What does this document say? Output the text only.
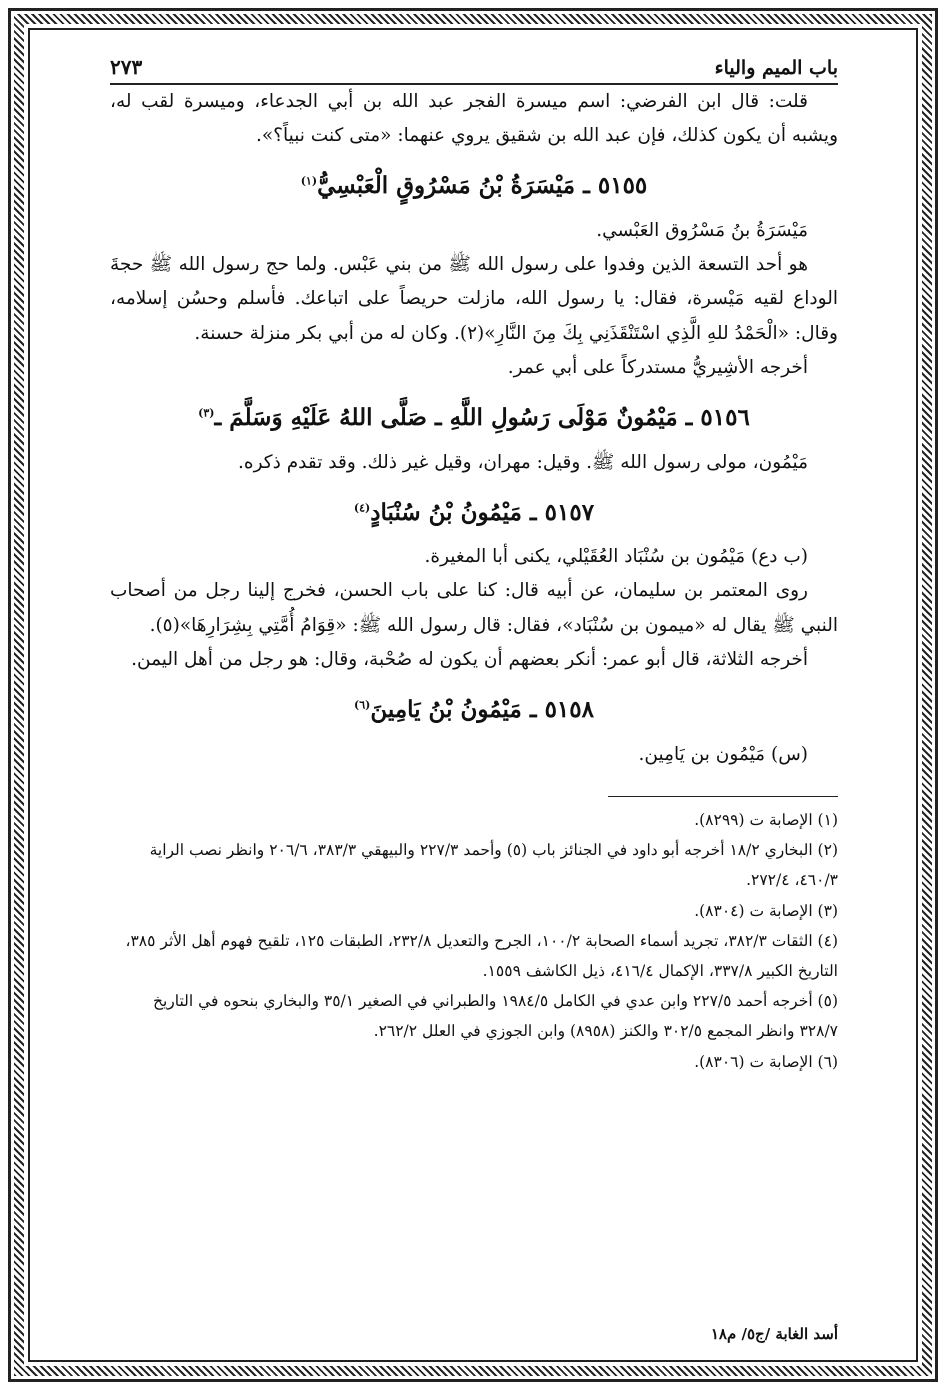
باب الميم والياء
٢٧٣

قلت: قال ابن الفرضي: اسم ميسرة الفجر عبد الله بن أبي الجدعاء، وميسرة لقب له، ويشبه أن يكون كذلك، فإن عبد الله بن شقيق يروي عنهما: «متى كنت نبياً؟».

٥١٥٥ ـ مَيْسَرَةُ بْنُ مَسْرُوقٍ الْعَبْسِيُّ$^{(١)}$

مَيْسَرَةُ بنُ مَسْرُوق العَبْسي.

هو أحد التسعة الذين وفدوا على رسول الله ﷺ من بني عَبْس. ولما حج رسول الله ﷺ حجةَ الوداع لقيه مَيْسرة، فقال: يا رسول الله، مازلت حريصاً على اتباعك. فأسلم وحسُن إسلامه، وقال: «الْحَمْدُ للهِ الَّذِي اسْتَنْقَذَنِي بِكَ مِنَ النَّارِ»(٢). وكان له من أبي بكر منزلة حسنة.

أخرجه الأشِيريُّ مستدركاً على أبي عمر.

٥١٥٦ ـ مَيْمُونٌ مَوْلَى رَسُولِ اللَّهِ ـ صَلَّى اللهُ عَلَيْهِ وَسَلَّمَ ـ$^{(٣)}$

مَيْمُون، مولى رسول الله ﷺ. وقيل: مهران، وقيل غير ذلك. وقد تقدم ذكره.

٥١٥٧ ـ مَيْمُونُ بْنُ سُنْبَادٍ$^{(٤)}$

(ب دع) مَيْمُون بن سُنْبَاد العُقَيْلي، يكنى أبا المغيرة.

روى المعتمر بن سليمان، عن أبيه قال: كنا على باب الحسن، فخرج إلينا رجل من أصحاب النبي ﷺ يقال له «ميمون بن سُنْبَاد»، فقال: قال رسول الله ﷺ: «قِوَامُ أُمَّتِي بِشِرَارِهَا»(٥).

أخرجه الثلاثة، قال أبو عمر: أنكر بعضهم أن يكون له صُحْبة، وقال: هو رجل من أهل اليمن.

٥١٥٨ ـ مَيْمُونُ بْنُ يَامِينَ$^{(٦)}$

(س) مَيْمُون بن يَامِين.

(١) الإصابة ت (٨٢٩٩).

(٢) البخاري ١٨/٢ أخرجه أبو داود في الجنائز باب (٥) وأحمد ٢٢٧/٣ والبيهقي ٣٨٣/٣، ٢٠٦/٦ وانظر نصب الراية ٤٦٠/٣، ٢٧٢/٤.

(٣) الإصابة ت (٨٣٠٤).

(٤) الثقات ٣٨٢/٣، تجريد أسماء الصحابة ١٠٠/٢، الجرح والتعديل ٢٣٢/٨، الطبقات ١٢٥، تلقيح فهوم أهل الأثر ٣٨٥، التاريخ الكبير ٣٣٧/٨، الإكمال ٤١٦/٤، ذيل الكاشف ١٥٥٩.

(٥) أخرجه أحمد ٢٢٧/٥ وابن عدي في الكامل ١٩٨٤/٥ والطبراني في الصغير ٣٥/١ والبخاري بنحوه في التاريخ ٣٢٨/٧ وانظر المجمع ٣٠٢/٥ والكنز (٨٩٥٨) وابن الجوزي في العلل ٢٦٢/٢.

(٦) الإصابة ت (٨٣٠٦).

أسد الغابة /ج٥/ م١٨
